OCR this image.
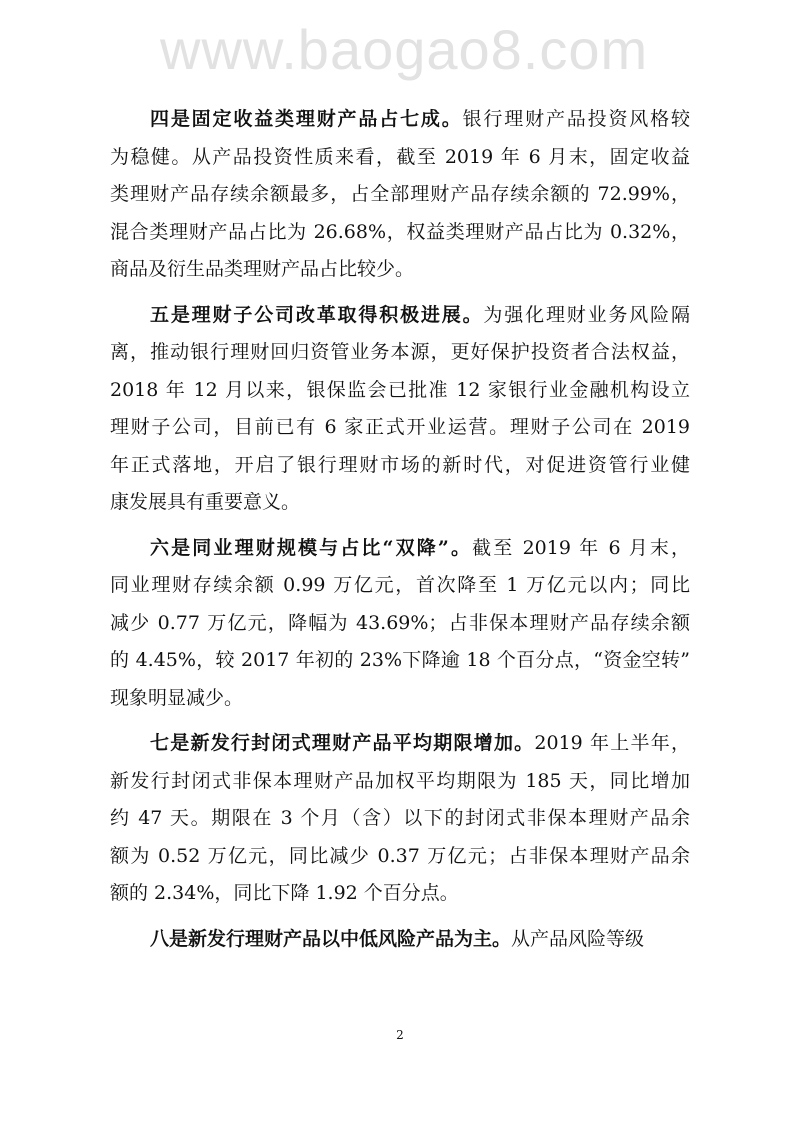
www.baogao8.com
四是固定收益类理财产品占七成。银行理财产品投资风格较
为稳健。从产品投资性质来看，截至 2019 年 6 月末，固定收益
类理财产品存续余额最多，占全部理财产品存续余额的 72.99%，
混合类理财产品占比为 26.68%，权益类理财产品占比为 0.32%，
商品及衍生品类理财产品占比较少。
五是理财子公司改革取得积极进展。为强化理财业务风险隔
离，推动银行理财回归资管业务本源，更好保护投资者合法权益，
2018 年 12 月以来，银保监会已批准 12 家银行业金融机构设立
理财子公司，目前已有 6 家正式开业运营。理财子公司在 2019
年正式落地，开启了银行理财市场的新时代，对促进资管行业健
康发展具有重要意义。
六是同业理财规模与占比“双降”。截至 2019 年 6 月末，
同业理财存续余额 0.99 万亿元，首次降至 1 万亿元以内；同比
减少 0.77 万亿元，降幅为 43.69%；占非保本理财产品存续余额
的 4.45%，较 2017 年初的 23%下降逾 18 个百分点，“资金空转”
现象明显减少。
七是新发行封闭式理财产品平均期限增加。2019 年上半年，
新发行封闭式非保本理财产品加权平均期限为 185 天，同比增加
约 47 天。期限在 3 个月（含）以下的封闭式非保本理财产品余
额为 0.52 万亿元，同比减少 0.37 万亿元；占非保本理财产品余
额的 2.34%，同比下降 1.92 个百分点。
八是新发行理财产品以中低风险产品为主。从产品风险等级
2
